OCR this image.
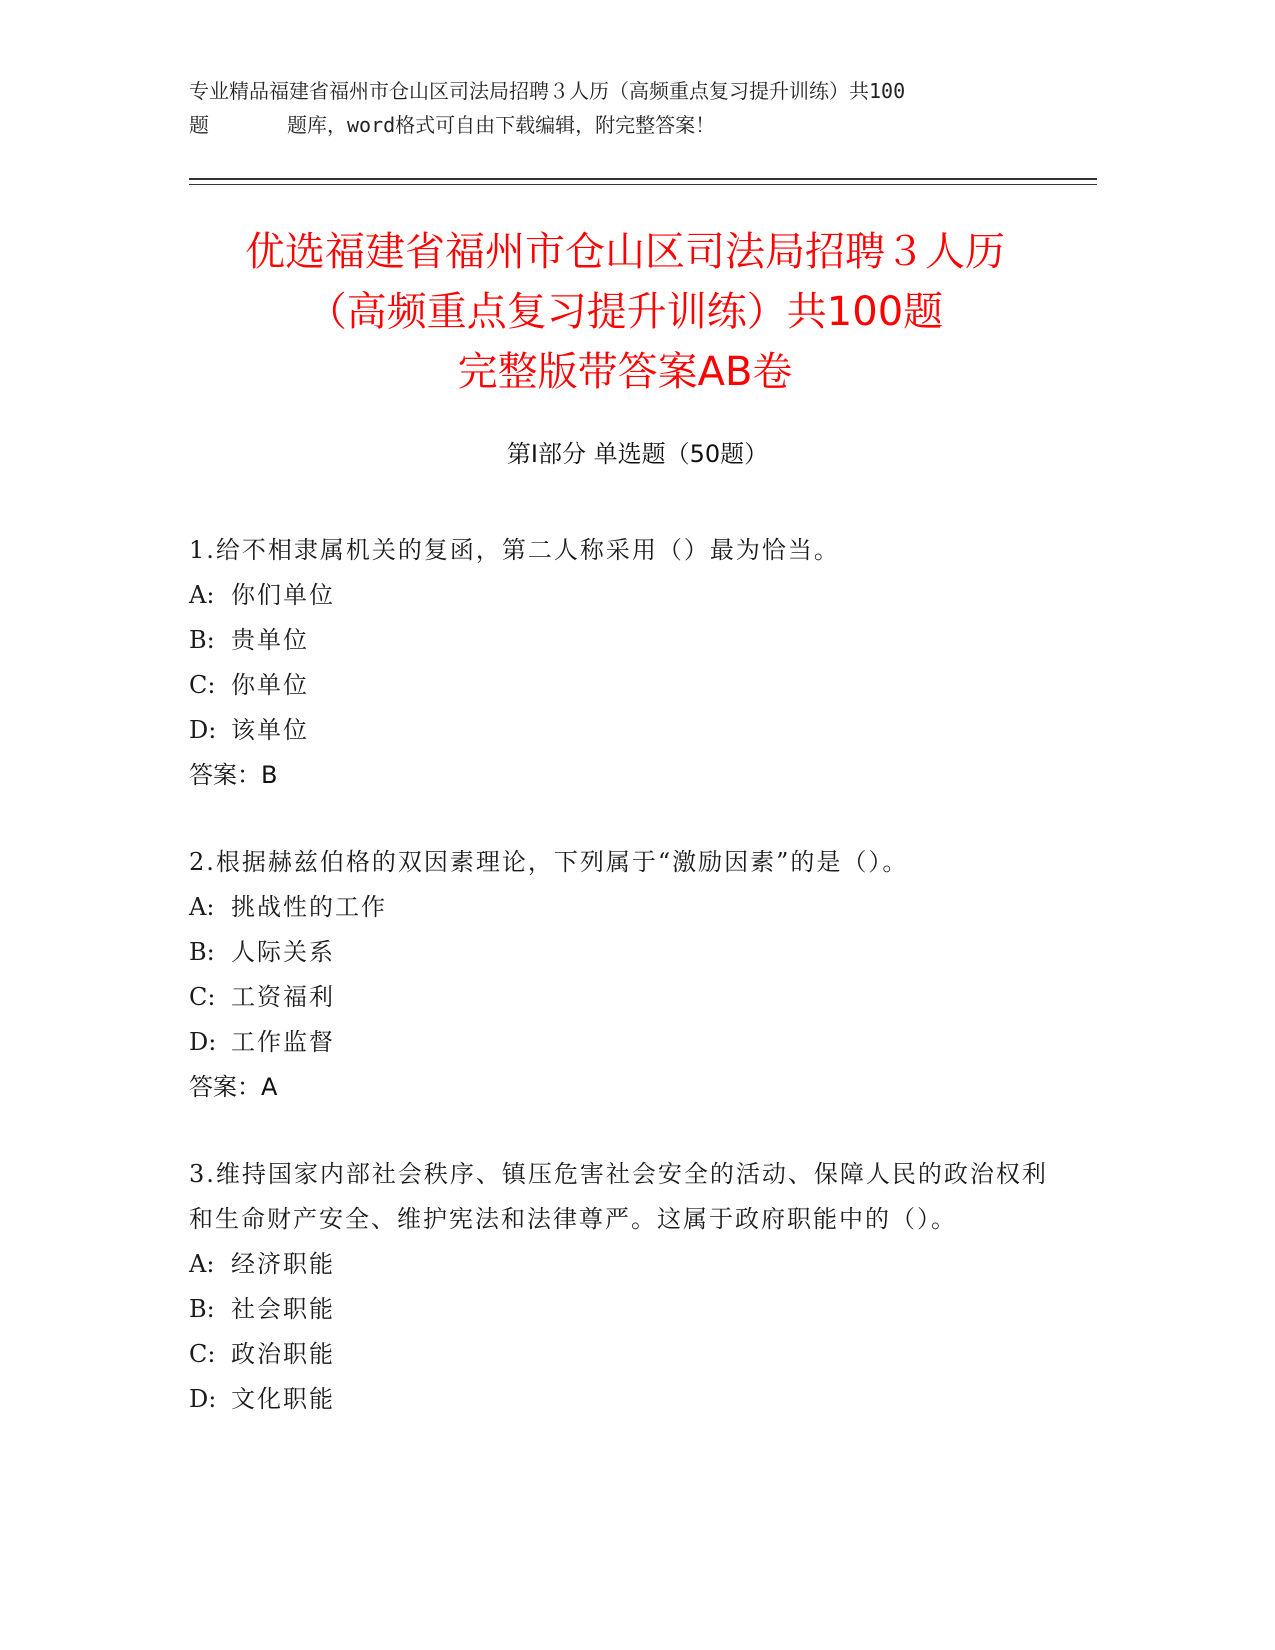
专业精品福建省福州市仓山区司法局招聘３人历（高频重点复习提升训练）共100
题	题库，word格式可自由下载编辑，附完整答案！
优选福建省福州市仓山区司法局招聘３人历
（高频重点复习提升训练）共100题
完整版带答案AB卷
第Ⅰ部分 单选题（50题）
1.给不相隶属机关的复函，第二人称采用（）最为恰当。
A: 你们单位
B: 贵单位
C: 你单位
D: 该单位
答案：B
2.根据赫兹伯格的双因素理论，下列属于“激励因素”的是（）。
A: 挑战性的工作
B: 人际关系
C: 工资福利
D: 工作监督
答案：A
3.维持国家内部社会秩序、镇压危害社会安全的活动、保障人民的政治权利和生命财产安全、维护宪法和法律尊严。这属于政府职能中的（）。
A: 经济职能
B: 社会职能
C: 政治职能
D: 文化职能
